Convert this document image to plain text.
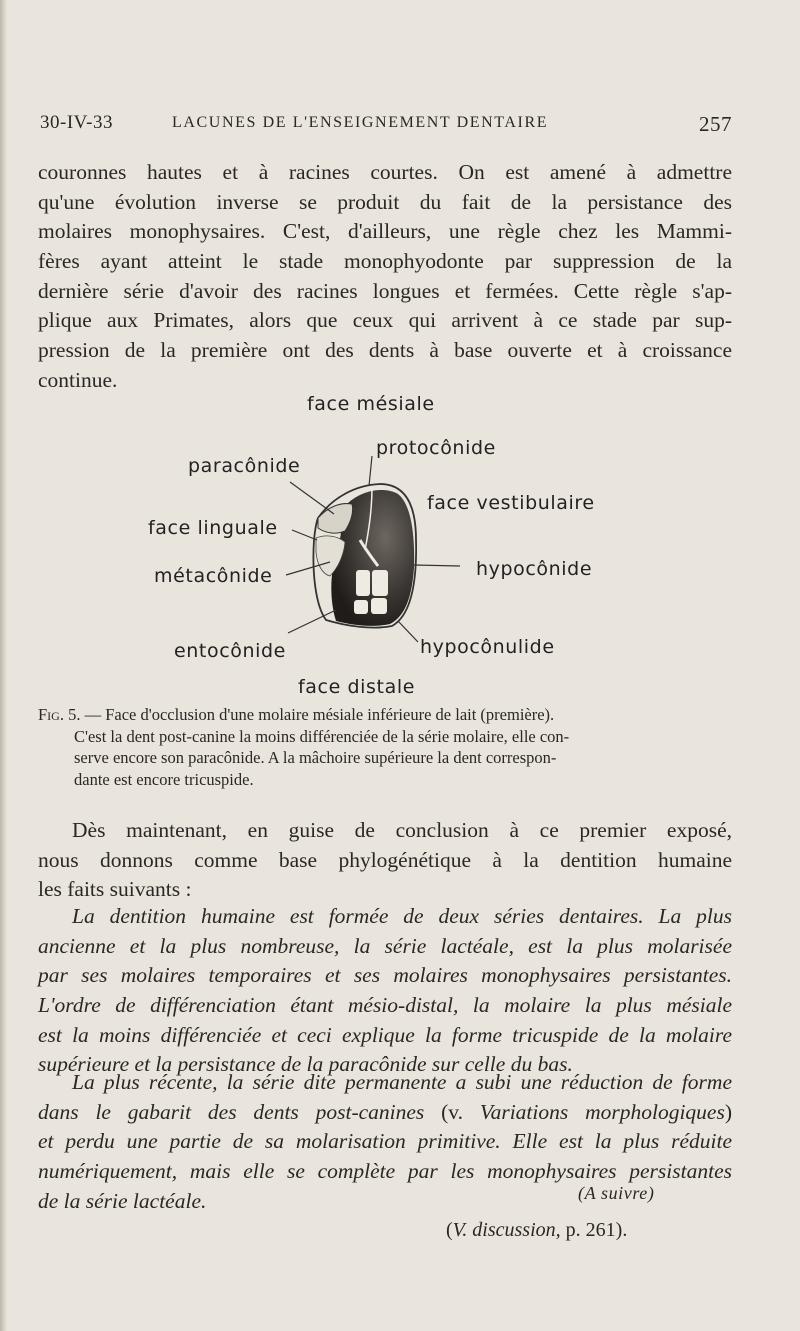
30-IV-33	LACUNES DE L'ENSEIGNEMENT DENTAIRE	257
couronnes hautes et à racines courtes. On est amené à admettre
qu'une évolution inverse se produit du fait de la persistance des
molaires monophysaires. C'est, d'ailleurs, une règle chez les Mammi-
fères ayant atteint le stade monophyodonte par suppression de la
dernière série d'avoir des racines longues et fermées. Cette règle s'ap-
plique aux Primates, alors que ceux qui arrivent à ce stade par sup-
pression de la première ont des dents à base ouverte et à croissance
continue.
face mésiale
protocônide
paracônide
face vestibulaire
face linguale
métacônide	hypocônide
entocônide	hypocônulide
face distale
Fig. 5. — Face d'occlusion d'une molaire mésiale inférieure de lait (première).
C'est la dent post-canine la moins différenciée de la série molaire, elle con-
serve encore son paracônide. A la mâchoire supérieure la dent correspon-
dante est encore tricuspide.
Dès maintenant, en guise de conclusion à ce premier exposé,
nous donnons comme base phylogénétique à la dentition humaine
les faits suivants :
La dentition humaine est formée de deux séries dentaires. La plus
ancienne et la plus nombreuse, la série lactéale, est la plus molarisée
par ses molaires temporaires et ses molaires monophysaires persistantes.
L'ordre de différenciation étant mésio-distal, la molaire la plus mésiale
est la moins différenciée et ceci explique la forme tricuspide de la molaire
supérieure et la persistance de la paracônide sur celle du bas.
La plus récente, la série dite permanente a subi une réduction de forme
dans le gabarit des dents post-canines (v. Variations morphologiques)
et perdu une partie de sa molarisation primitive. Elle est la plus réduite
numériquement, mais elle se complète par les monophysaires persistantes
de la série lactéale.	(A suivre)
(V. discussion, p. 261).
